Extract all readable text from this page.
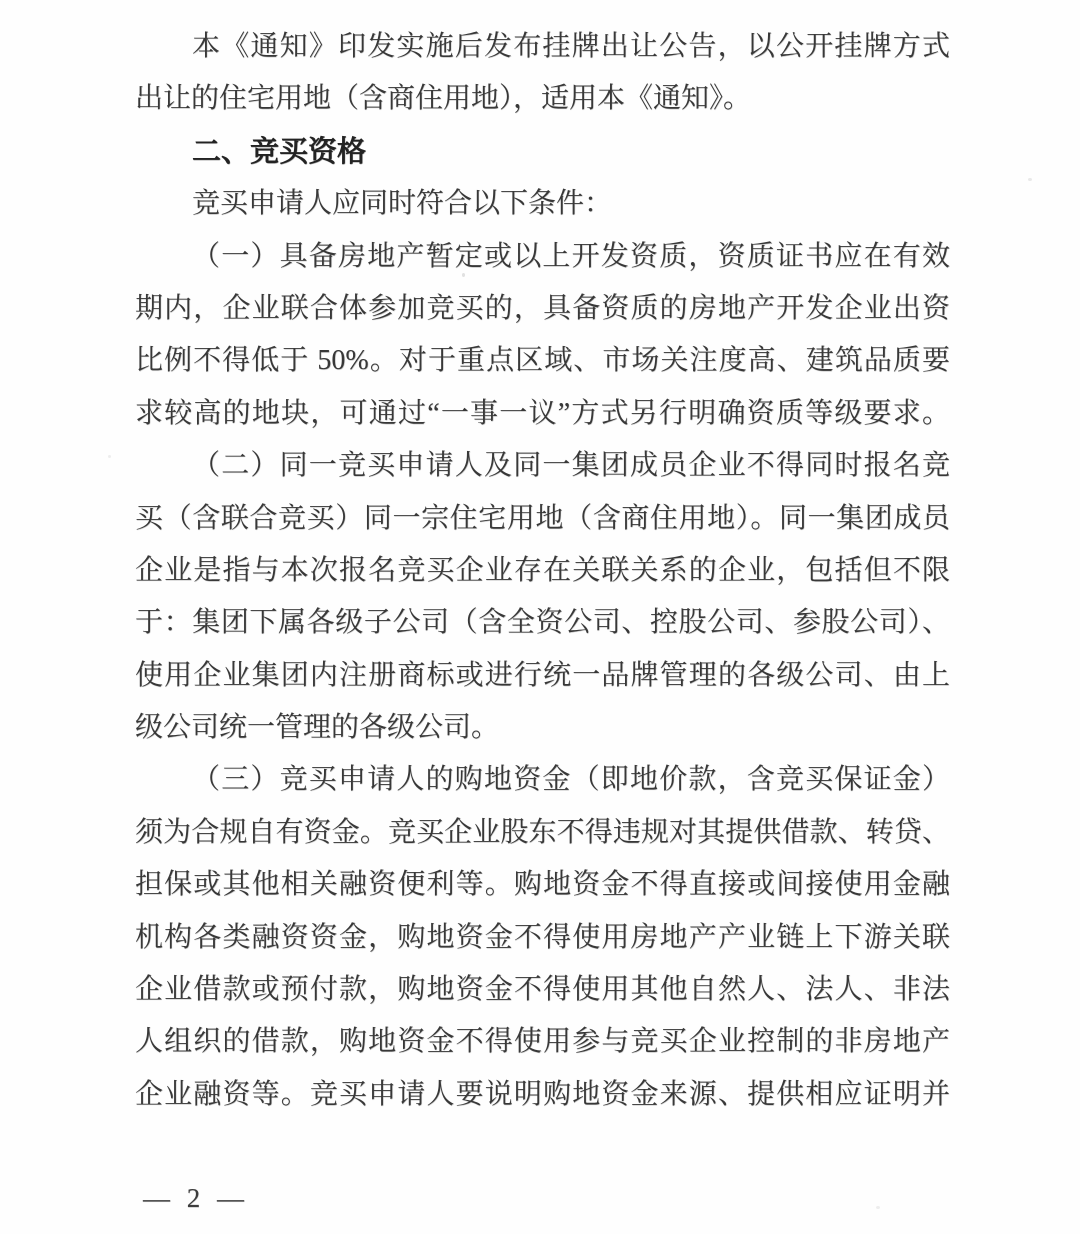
本《通知》印发实施后发布挂牌出让公告，以公开挂牌方式
出让的住宅用地（含商住用地），适用本《通知》。
二、竞买资格
竞买申请人应同时符合以下条件：
（一）具备房地产暂定或以上开发资质，资质证书应在有效
期内，企业联合体参加竞买的，具备资质的房地产开发企业出资
比例不得低于 50%。对于重点区域、市场关注度高、建筑品质要
求较高的地块，可通过“一事一议”方式另行明确资质等级要求。
（二）同一竞买申请人及同一集团成员企业不得同时报名竞
买（含联合竞买）同一宗住宅用地（含商住用地）。同一集团成员
企业是指与本次报名竞买企业存在关联关系的企业，包括但不限
于：集团下属各级子公司（含全资公司、控股公司、参股公司）、
使用企业集团内注册商标或进行统一品牌管理的各级公司、由上
级公司统一管理的各级公司。
（三）竞买申请人的购地资金（即地价款，含竞买保证金）
须为合规自有资金。竞买企业股东不得违规对其提供借款、转贷、
担保或其他相关融资便利等。购地资金不得直接或间接使用金融
机构各类融资资金，购地资金不得使用房地产产业链上下游关联
企业借款或预付款，购地资金不得使用其他自然人、法人、非法
人组织的借款，购地资金不得使用参与竞买企业控制的非房地产
企业融资等。竞买申请人要说明购地资金来源、提供相应证明并
— 2 —
